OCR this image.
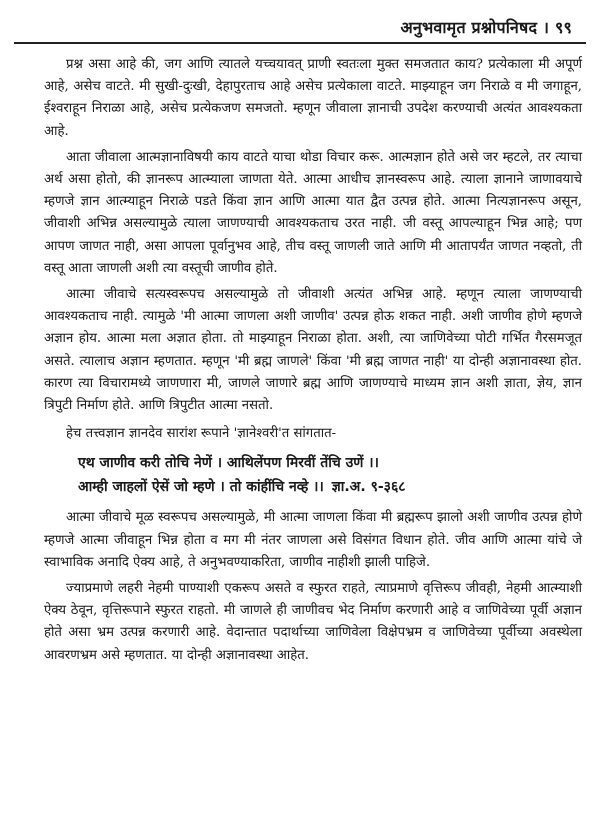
अनुभवामृत प्रश्नोपनिषद । ९९

प्रश्न असा आहे की, जग आणि त्यातले यच्चयावत् प्राणी स्वतःला मुक्त समजतात काय? प्रत्येकाला मी अपूर्ण आहे, असेच वाटते. मी सुखी-दुःखी, देहापुरताच आहे असेच प्रत्येकाला वाटते. माझ्याहून जग निराळे व मी जगाहून, ईश्वराहून निराळा आहे, असेच प्रत्येकजण समजतो. म्हणून जीवाला ज्ञानाची उपदेश करण्याची अत्यंत आवश्यकता आहे.

आता जीवाला आत्मज्ञानाविषयी काय वाटते याचा थोडा विचार करू. आत्मज्ञान होते असे जर म्हटले, तर त्याचा अर्थ असा होतो, की ज्ञानरूप आत्म्याला जाणता येते. आत्मा आधीच ज्ञानस्वरूप आहे. त्याला ज्ञानाने जाणावयाचे म्हणजे ज्ञान आत्म्याहून निराळे पडते किंवा ज्ञान आणि आत्मा यात द्वैत उत्पन्न होते. आत्मा नित्यज्ञानरूप असून, जीवाशी अभिन्न असल्यामुळे त्याला जाणण्याची आवश्यकताच उरत नाही. जी वस्तू आपल्याहून भिन्न आहे; पण आपण जाणत नाही, असा आपला पूर्वानुभव आहे, तीच वस्तू जाणली जाते आणि मी आतापर्यंत जाणत नव्हतो, ती वस्तू आता जाणली अशी त्या वस्तूची जाणीव होते.

आत्मा जीवाचे सत्यस्वरूपच असल्यामुळे तो जीवाशी अत्यंत अभिन्न आहे. म्हणून त्याला जाणण्याची आवश्यकताच नाही. त्यामुळे 'मी आत्मा जाणला अशी जाणीव' उत्पन्न होऊ शकत नाही. अशी जाणीव होणे म्हणजे अज्ञान होय. आत्मा मला अज्ञात होता. तो माझ्याहून निराळा होता. अशी, त्या जाणिवेच्या पोटी गर्भित गैरसमजूत असते. त्यालाच अज्ञान म्हणतात. म्हणून 'मी ब्रह्म जाणले' किंवा 'मी ब्रह्म जाणत नाही' या दोन्ही अज्ञानावस्था होत. कारण त्या विचारामध्ये जाणणारा मी, जाणले जाणारे ब्रह्म आणि जाणण्याचे माध्यम ज्ञान अशी ज्ञाता, ज्ञेय, ज्ञान त्रिपुटी निर्माण होते. आणि त्रिपुटीत आत्मा नसतो.

हेच तत्त्वज्ञान ज्ञानदेव सारांश रूपाने 'ज्ञानेश्वरी'त सांगतात-

एथ जाणीव करी तोचि नेणें । आथिलेंपण मिरवीं तेंचि उणें ।।
आम्ही जाहलों ऐसें जो म्हणे । तो कांहींचि नव्हे ।। ज्ञा.अ. ९-३६८

आत्मा जीवाचे मूळ स्वरूपच असल्यामुळे, मी आत्मा जाणला किंवा मी ब्रह्मरूप झालो अशी जाणीव उत्पन्न होणे म्हणजे आत्मा जीवाहून भिन्न होता व मग मी नंतर जाणला असे विसंगत विधान होते. जीव आणि आत्मा यांचे जे स्वाभाविक अनादि ऐक्य आहे, ते अनुभवण्याकरिता, जाणीव नाहीशी झाली पाहिजे.

ज्याप्रमाणे लहरी नेहमी पाण्याशी एकरूप असते व स्फुरत राहते, त्याप्रमाणे वृत्तिरूप जीवही, नेहमी आत्म्याशी ऐक्य ठेवून, वृत्तिरूपाने स्फुरत राहतो. मी जाणले ही जाणीवच भेद निर्माण करणारी आहे व जाणिवेच्या पूर्वी अज्ञान होते असा भ्रम उत्पन्न करणारी आहे. वेदान्तात पदार्थाच्या जाणिवेला विक्षेपभ्रम व जाणिवेच्या पूर्वीच्या अवस्थेला आवरणभ्रम असे म्हणतात. या दोन्ही अज्ञानावस्था आहेत.
